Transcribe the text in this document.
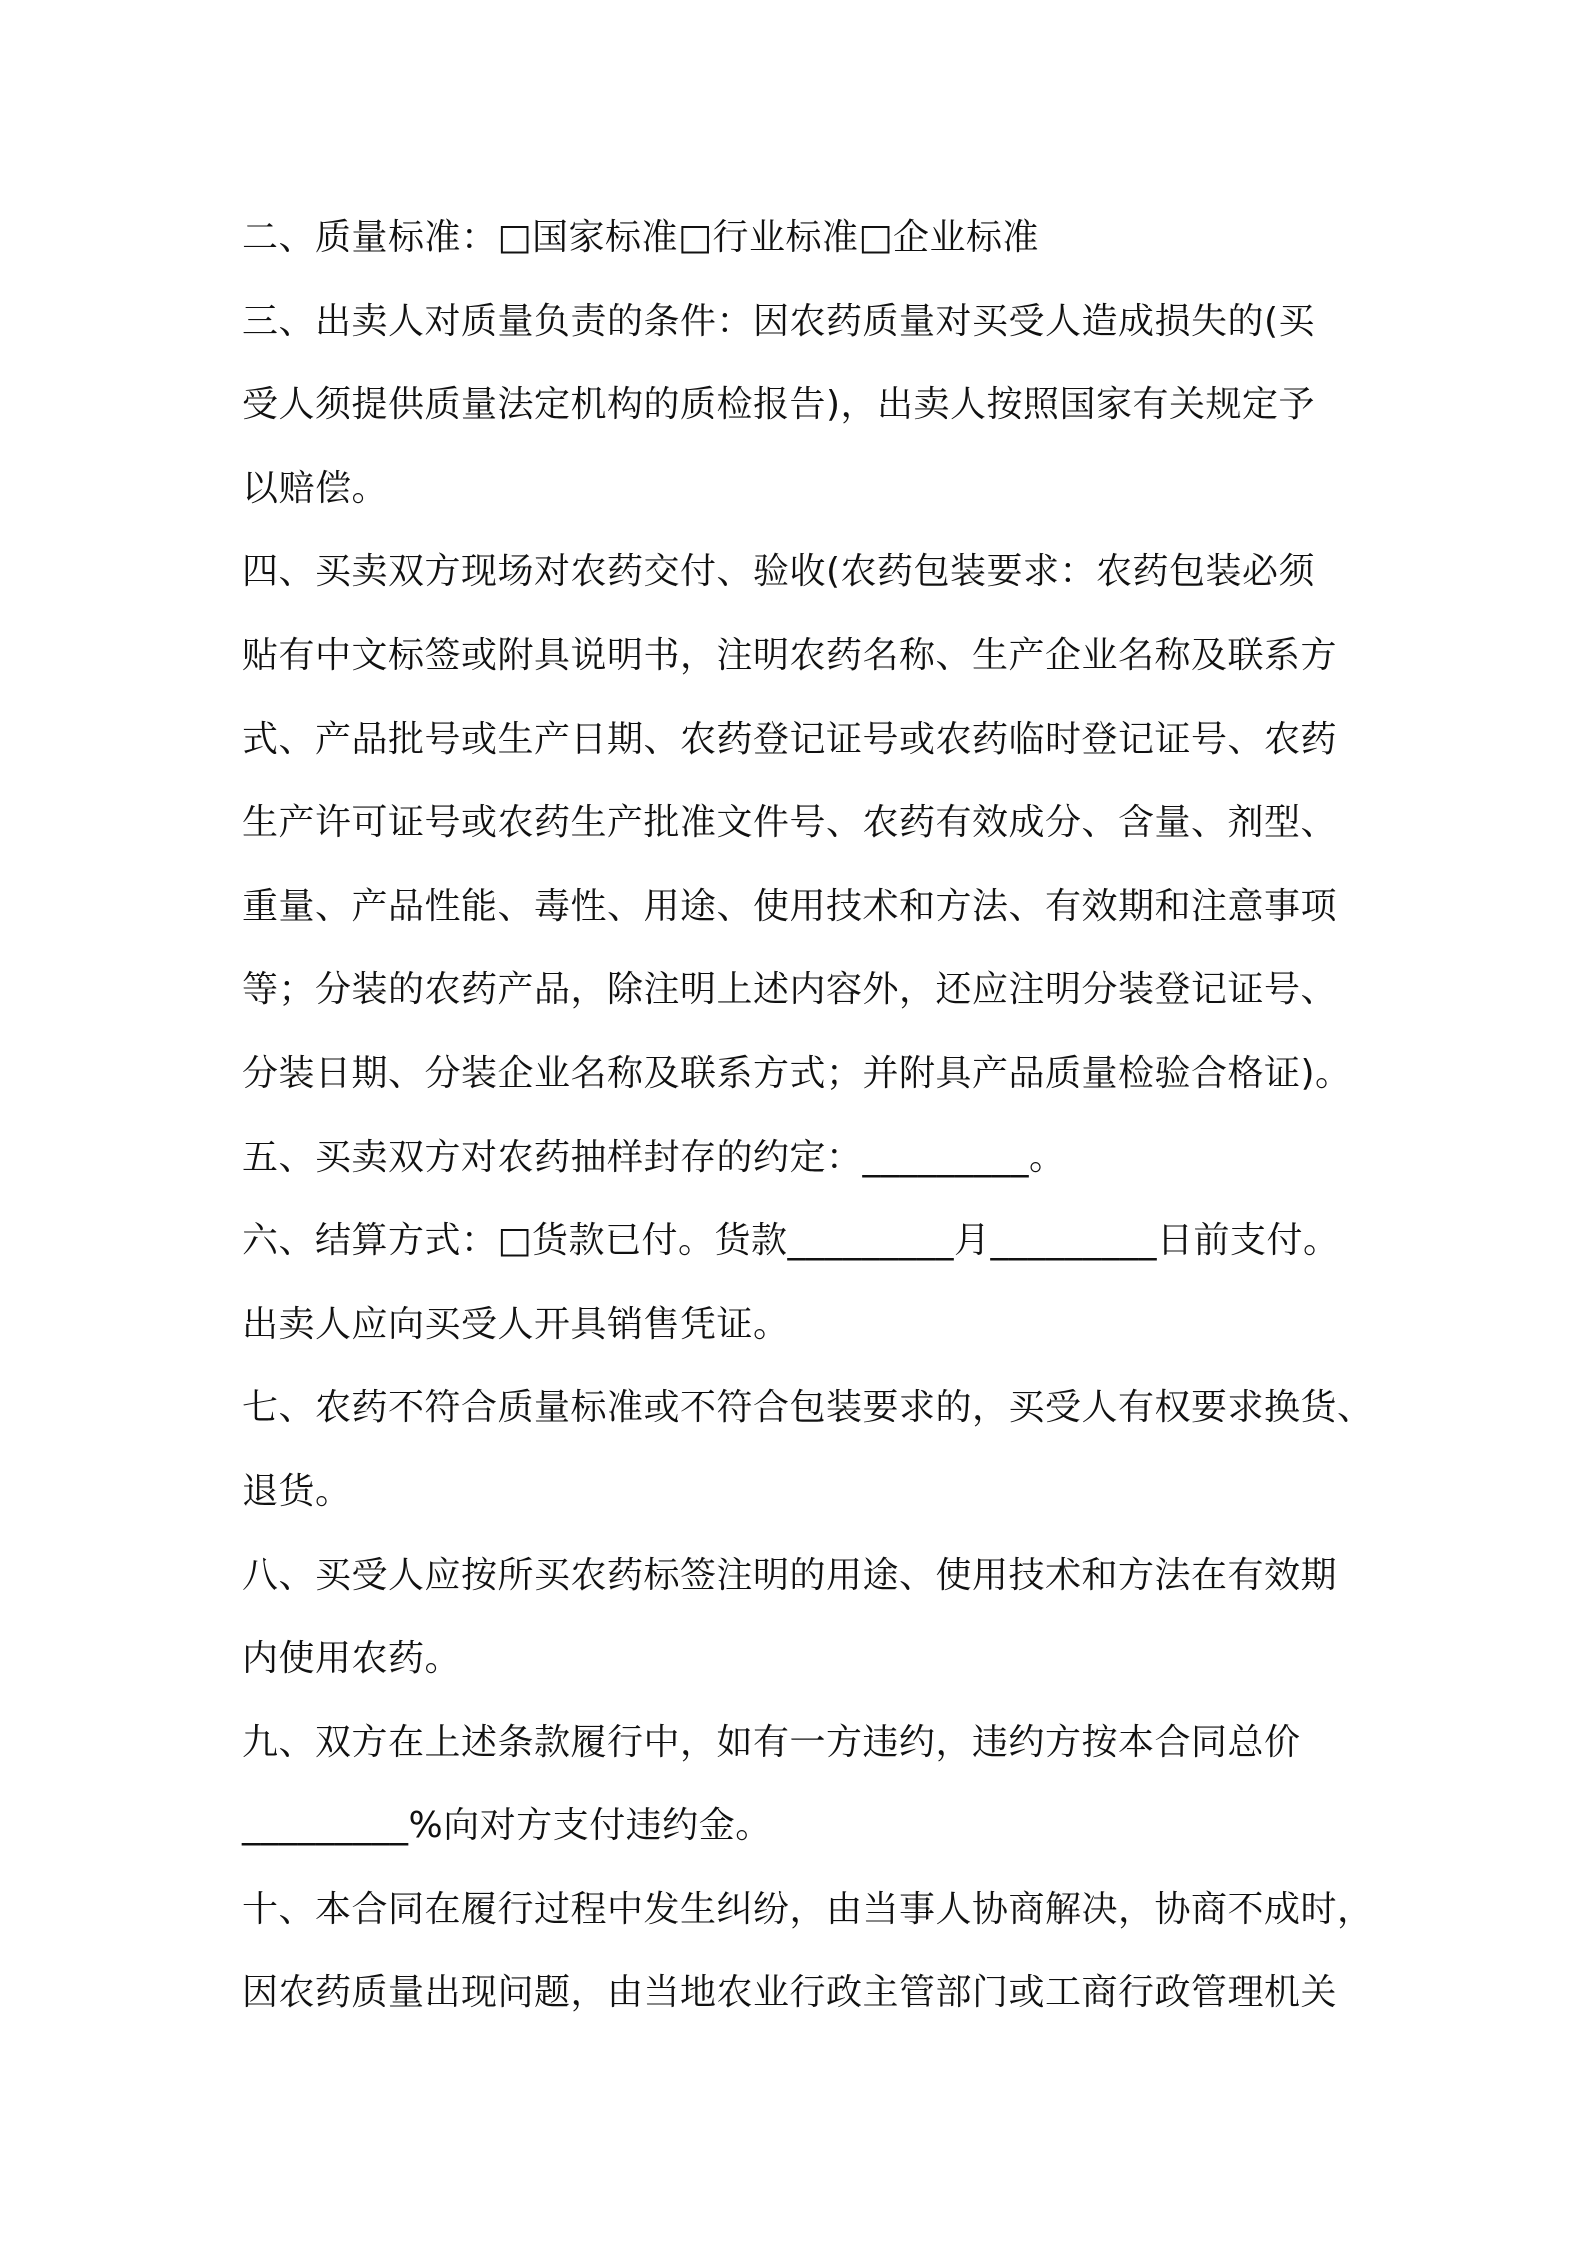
二、质量标准：□国家标准□行业标准□企业标准
三、出卖人对质量负责的条件：因农药质量对买受人造成损失的(买
受人须提供质量法定机构的质检报告)，出卖人按照国家有关规定予
以赔偿。
四、买卖双方现场对农药交付、验收(农药包装要求：农药包装必须
贴有中文标签或附具说明书，注明农药名称、生产企业名称及联系方
式、产品批号或生产日期、农药登记证号或农药临时登记证号、农药
生产许可证号或农药生产批准文件号、农药有效成分、含量、剂型、
重量、产品性能、毒性、用途、使用技术和方法、有效期和注意事项
等；分装的农药产品，除注明上述内容外，还应注明分装登记证号、
分装日期、分装企业名称及联系方式；并附具产品质量检验合格证)。
五、买卖双方对农药抽样封存的约定：_________。
六、结算方式：□货款已付。货款_________月_________日前支付。
出卖人应向买受人开具销售凭证。
七、农药不符合质量标准或不符合包装要求的，买受人有权要求换货、
退货。
八、买受人应按所买农药标签注明的用途、使用技术和方法在有效期
内使用农药。
九、双方在上述条款履行中，如有一方违约，违约方按本合同总价
_________%向对方支付违约金。
十、本合同在履行过程中发生纠纷，由当事人协商解决，协商不成时，
因农药质量出现问题，由当地农业行政主管部门或工商行政管理机关
